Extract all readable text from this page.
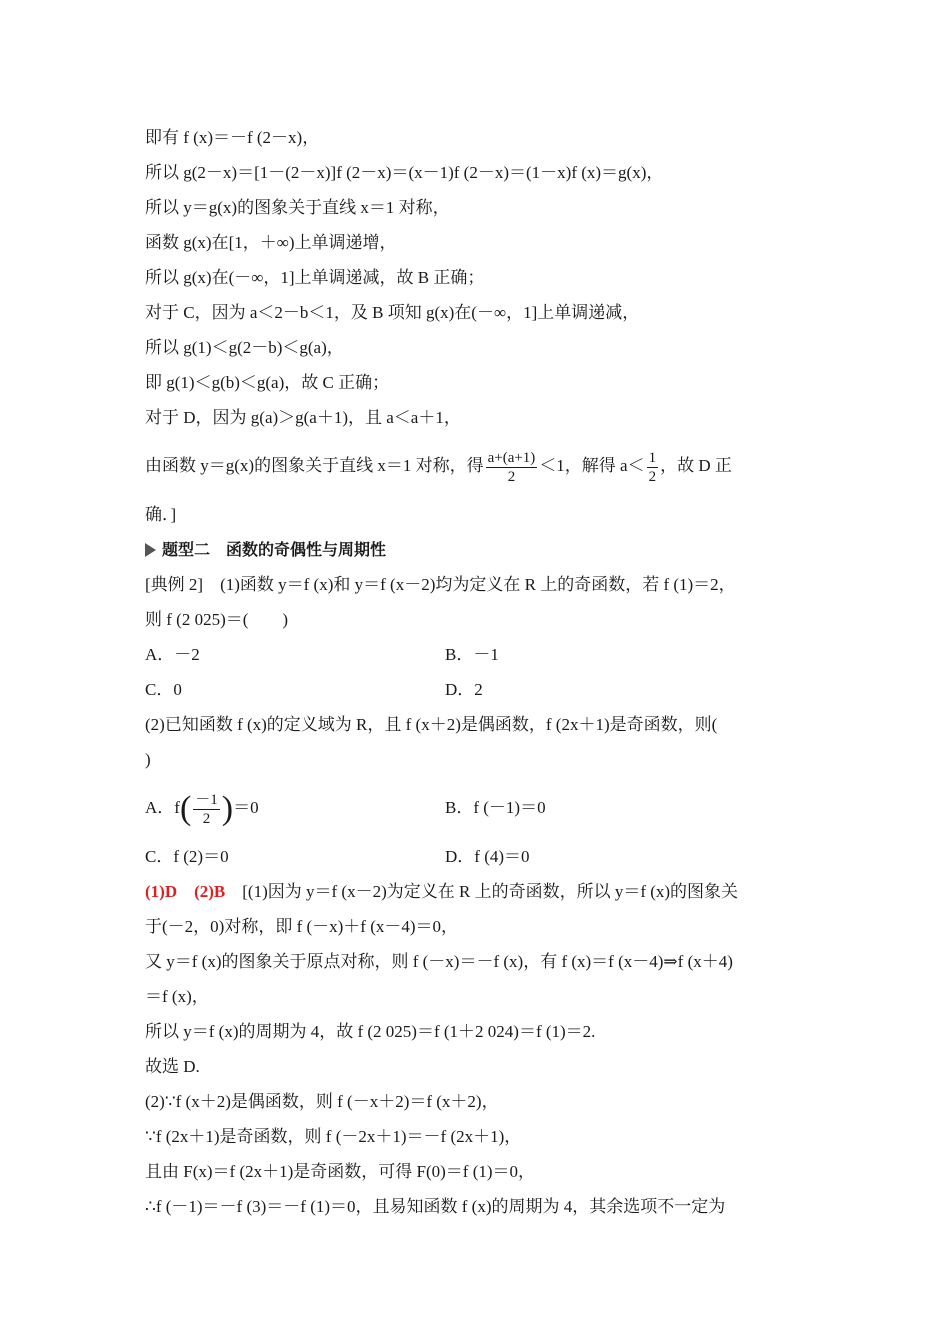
即有 f (x)＝－f (2－x)，
所以 g(2－x)＝[1－(2－x)]f (2－x)＝(x－1)f (2－x)＝(1－x)f (x)＝g(x)，
所以 y＝g(x)的图象关于直线 x＝1 对称，
函数 g(x)在[1，＋∞)上单调递增，
所以 g(x)在(－∞，1]上单调递减，故 B 正确；
对于 C，因为 a＜2－b＜1，及 B 项知 g(x)在(－∞，1]上单调递减，
所以 g(1)＜g(2－b)＜g(a)，
即 g(1)＜g(b)＜g(a)，故 C 正确；
对于 D，因为 g(a)＞g(a＋1)，且 a＜a＋1，
由函数 y＝g(x)的图象关于直线 x＝1 对称，得 $\frac{a+(a+1)}{2} <1$，解得 $a< \frac{1}{2}$ ，故 D 正
确．]
题型二　函数的奇偶性与周期性
[典例 2]　(1)函数 y＝f (x)和 y＝f (x－2)均为定义在 R 上的奇函数，若 f (1)＝2，
则 f (2 025)＝(　　)
A．－2	B．－1
C．0	D．2
(2)已知函数 f (x)的定义域为 R，且 f (x＋2)是偶函数，f (2x＋1)是奇函数，则(
)
A．$f( \frac{-1}{2} )=0$	B．f (－1)＝0
C．f (2)＝0	D．f (4)＝0
(1)D　(2)B　[(1)因为 y＝f (x－2)为定义在 R 上的奇函数，所以 y＝f (x)的图象关
于(－2，0)对称，即 f (－x)＋f (x－4)＝0，
又 y＝f (x)的图象关于原点对称，则 f (－x)＝－f (x)，有 f (x)＝f (x－4)⇒f (x＋4)
＝f (x)，
所以 y＝f (x)的周期为 4，故 f (2 025)＝f (1＋2 024)＝f (1)＝2.
故选 D.
(2)∵f (x＋2)是偶函数，则 f (－x＋2)＝f (x＋2)，
∵f (2x＋1)是奇函数，则 f (－2x＋1)＝－f (2x＋1)，
且由 F(x)＝f (2x＋1)是奇函数，可得 F(0)＝f (1)＝0，
∴f (－1)＝－f (3)＝－f (1)＝0，且易知函数 f (x)的周期为 4，其余选项不一定为
